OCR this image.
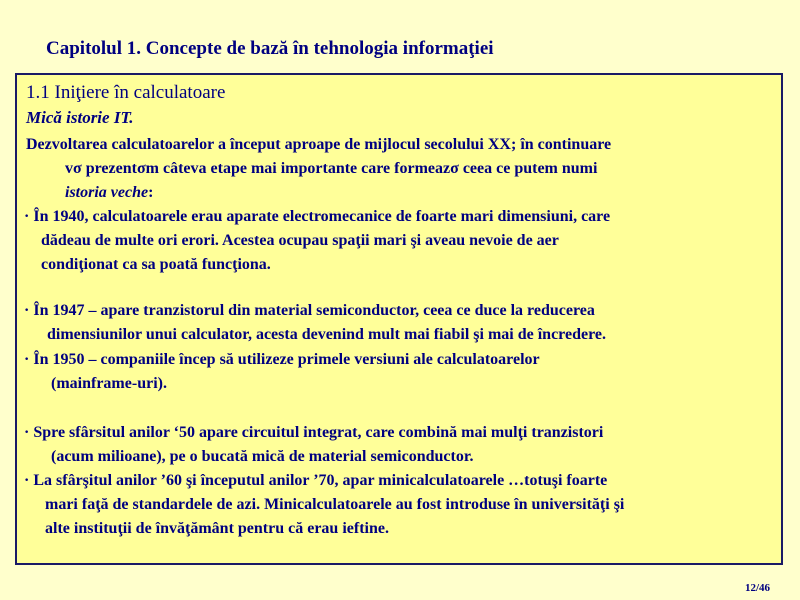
Capitolul 1. Concepte de bază în tehnologia informaţiei
1.1 Iniţiere în calculatoare
Mică istorie IT.
Dezvoltarea calculatoarelor a început aproape de mijlocul secolului XX; în continuare
vσ prezentσm câteva etape mai importante care formeazσ ceea ce putem numi
istoria veche:
· În 1940, calculatoarele erau aparate electromecanice de foarte mari dimensiuni, care
dădeau de multe ori erori. Acestea ocupau spaţii mari şi aveau nevoie de aer
condiţionat ca sa poată funcţiona.
· În 1947 – apare tranzistorul din material semiconductor, ceea ce duce la reducerea
dimensiunilor unui calculator, acesta devenind mult mai fiabil şi mai de încredere.
· În 1950 – companiile încep să utilizeze primele versiuni ale calculatoarelor
(mainframe-uri).
· Spre sfârsitul anilor ‘50 apare circuitul integrat, care combină mai mulţi tranzistori
(acum milioane), pe o bucată mică de material semiconductor.
· La sfârşitul anilor ’60 şi începutul anilor ’70, apar minicalculatoarele …totuşi foarte
mari faţă de standardele de azi. Minicalculatoarele au fost introduse în universităţi şi
alte instituţii de învăţământ pentru că erau ieftine.
12/46
